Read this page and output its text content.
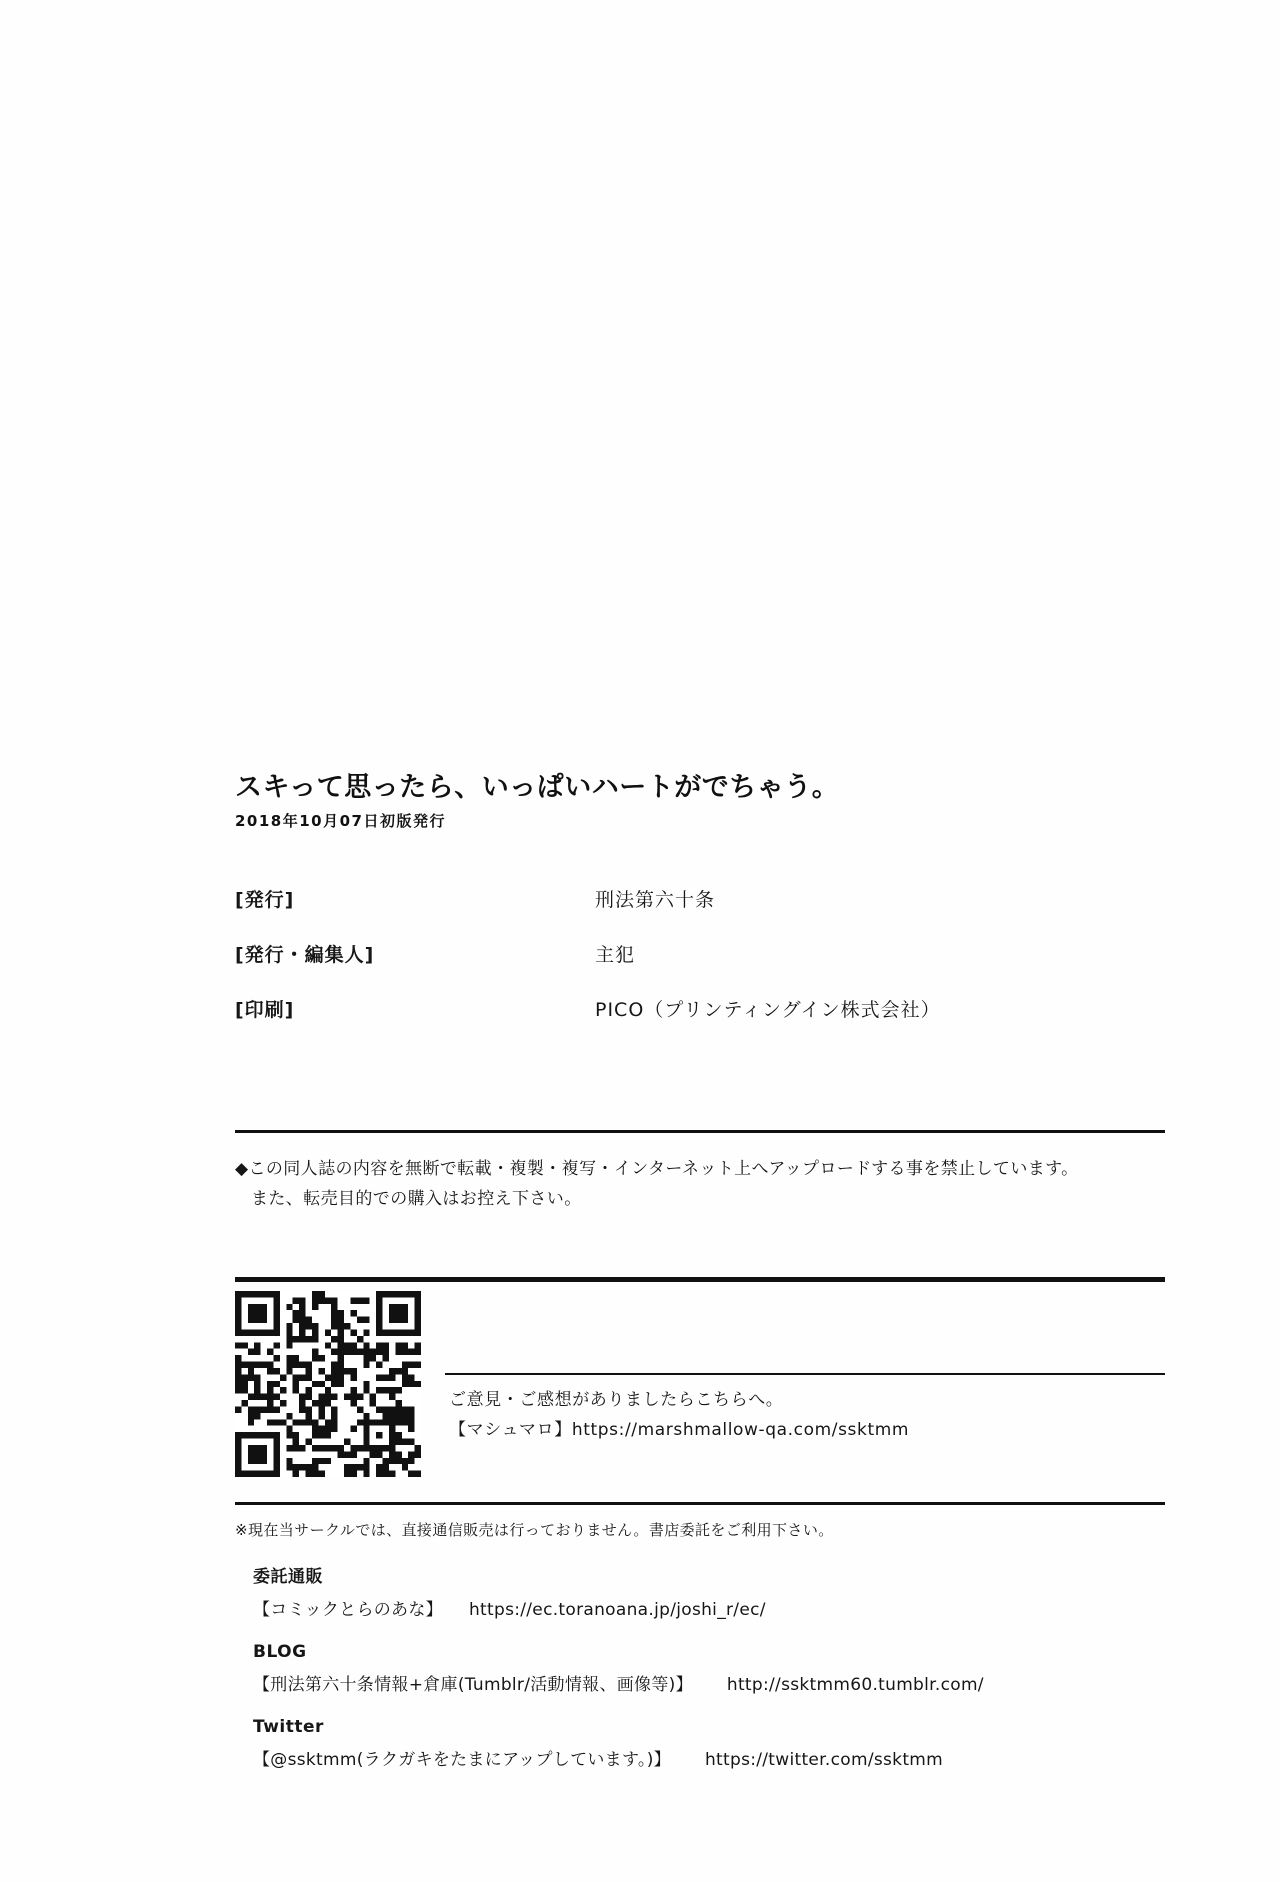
スキって思ったら、いっぱいハートがでちゃう。
2018年10月07日初版発行
[発行]	刑法第六十条
[発行・編集人]	主犯
[印刷]	PICO（プリンティングイン株式会社）
◆この同人誌の内容を無断で転載・複製・複写・インターネット上へアップロードする事を禁止しています。
また、転売目的での購入はお控え下さい。
ご意見・ご感想がありましたらこちらへ。
【マシュマロ】https://marshmallow-qa.com/ssktmm
※現在当サークルでは、直接通信販売は行っておりません。書店委託をご利用下さい。
委託通販
【コミックとらのあな】 https://ec.toranoana.jp/joshi_r/ec/
BLOG
【刑法第六十条情報+倉庫(Tumblr/活動情報、画像等)】 http://ssktmm60.tumblr.com/
Twitter
【@ssktmm(ラクガキをたまにアップしています。)】 https://twitter.com/ssktmm
